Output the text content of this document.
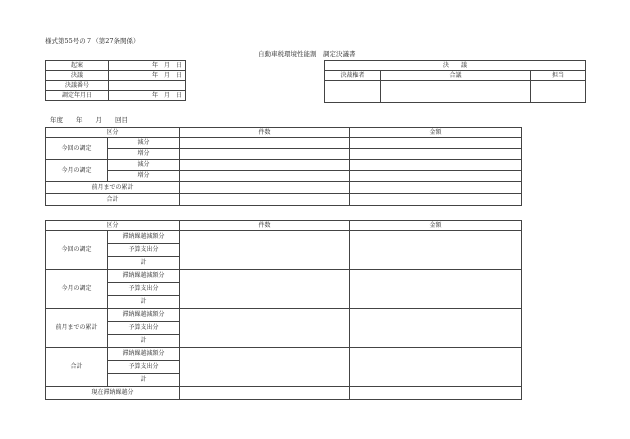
様式第55号の７（第27条関係）
自動車税環境性能割　調定決議書
起案	年　月　日
決議	年　月　日
決議番号	
調定年月日	年　月　日
決　　議		
決裁権者	合議	担当

年度　　年　　月　　回目
区分		件数	金額
今回の調定	減分		
	増分		
今月の調定	減分		
	増分		
前月までの累計			
合計			
区分		件数	金額
今回の調定	滞納繰越減額分		
	予算支出分		
	計		
今月の調定	滞納繰越減額分		
	予算支出分		
	計		
前月までの累計	滞納繰越減額分		
	予算支出分		
	計		
合計	滞納繰越減額分		
	予算支出分		
	計		
現在滞納繰越分			
